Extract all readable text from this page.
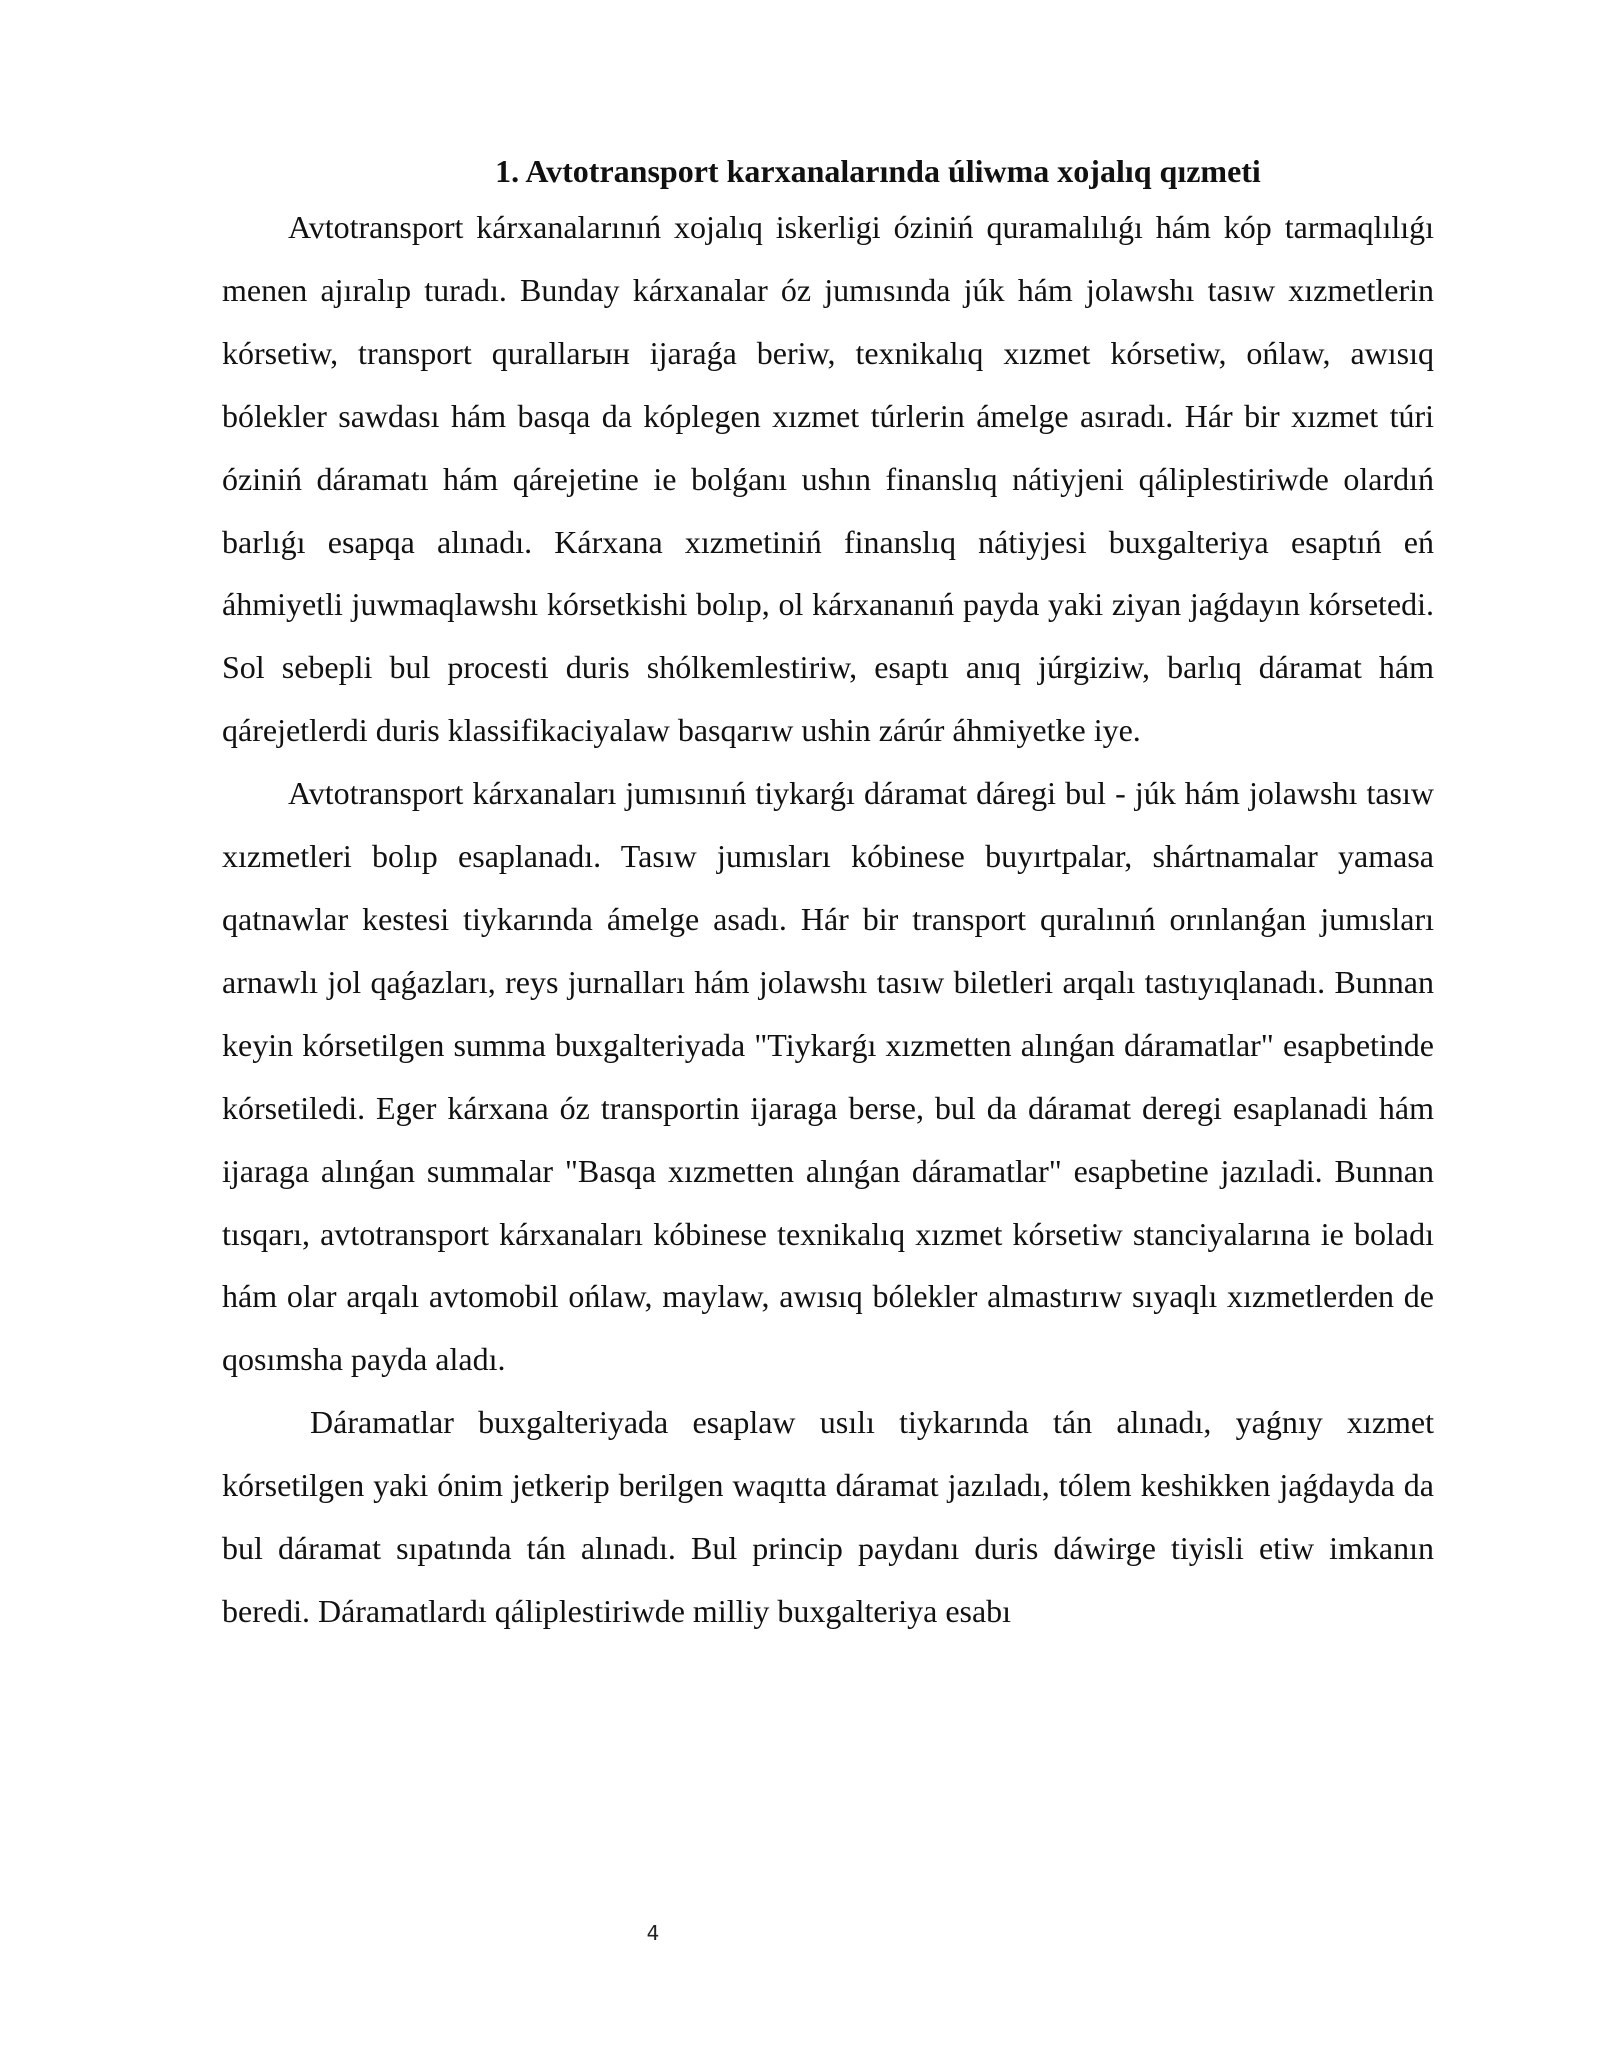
1. Avtotransport karxanalarında úliwma xojalıq qızmeti

Avtotransport kárxanalarınıń xojalıq iskerligi óziniń quramalılıǵı hám kóp tarmaqlılıǵı menen ajıralıp turadı. Bunday kárxanalar óz jumısında júk hám jolawshı tasıw xızmetlerin kórsetiw, transport qurallarын ijaraǵa beriw, texnikalıq xızmet kórsetiw, ońlaw, awısıq bólekler sawdası hám basqa da kóplegen xızmet túrlerin ámelge asıradı. Hár bir xızmet túri óziniń dáramatı hám qárejetine ie bolǵanı ushın finanslıq nátiyjeni qáliplestiriwde olardıń barlıǵı esapqa alınadı. Kárxana xızmetiniń finanslıq nátiyjesi buxgalteriya esaptıń eń áhmiyetli juwmaqlawshı kórsetkishi bolıp, ol kárxananıń payda yaki ziyan jaǵdayın kórsetedi. Sol sebepli bul procesti duris shólkemlestiriw, esaptı anıq júrgiziw, barlıq dáramat hám qárejetlerdi duris klassifikaciyalaw basqarıw ushin zárúr áhmiyetke iye.

Avtotransport kárxanaları jumısınıń tiykarǵı dáramat dáregi bul - júk hám jolawshı tasıw xızmetleri bolıp esaplanadı. Tasıw jumısları kóbinese buyırtpalar, shártnamalar yamasa qatnawlar kestesi tiykarında ámelge asadı. Hár bir transport quralınıń orınlanǵan jumısları arnawlı jol qaǵazları, reys jurnalları hám jolawshı tasıw biletleri arqalı tastıyıqlanadı. Bunnan keyin kórsetilgen summa buxgalteriyada "Tiykarǵı xızmetten alınǵan dáramatlar" esapbetinde kórsetiledi. Eger kárxana óz transportin ijaraga berse, bul da dáramat deregi esaplanadi hám ijaraga alınǵan summalar "Basqa xızmetten alınǵan dáramatlar" esapbetine jazıladi. Bunnan tısqarı, avtotransport kárxanaları kóbinese texnikalıq xızmet kórsetiw stanciyalarına ie boladı hám olar arqalı avtomobil ońlaw, maylaw, awısıq bólekler almastırıw sıyaqlı xızmetlerden de qosımsha payda aladı.

Dáramatlar buxgalteriyada esaplaw usılı tiykarında tán alınadı, yaǵnıy xızmet kórsetilgen yaki ónim jetkerip berilgen waqıtta dáramat jazıladı, tólem keshikken jaǵdayda da bul dáramat sıpatında tán alınadı. Bul princip paydanı duris dáwirge tiyisli etiw imkanın beredi. Dáramatlardı qáliplestiriwde milliy buxgalteriya esabı

4
